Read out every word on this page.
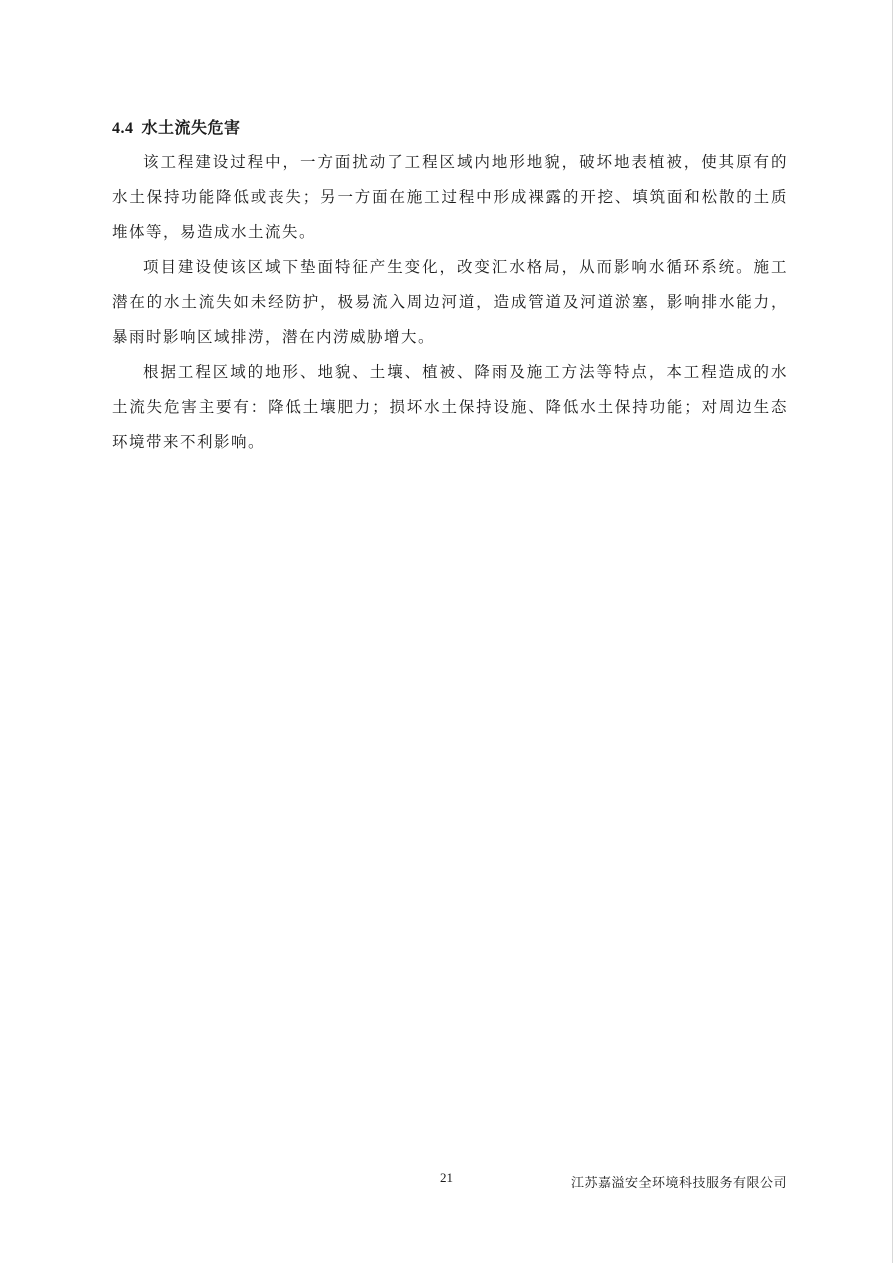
4.4 水土流失危害

该工程建设过程中，一方面扰动了工程区域内地形地貌，破坏地表植被，使其原有的水土保持功能降低或丧失；另一方面在施工过程中形成裸露的开挖、填筑面和松散的土质堆体等，易造成水土流失。

项目建设使该区域下垫面特征产生变化，改变汇水格局，从而影响水循环系统。施工潜在的水土流失如未经防护，极易流入周边河道，造成管道及河道淤塞，影响排水能力，暴雨时影响区域排涝，潜在内涝威胁增大。

根据工程区域的地形、地貌、土壤、植被、降雨及施工方法等特点，本工程造成的水土流失危害主要有：降低土壤肥力；损坏水土保持设施、降低水土保持功能；对周边生态环境带来不利影响。

21	江苏嘉溢安全环境科技服务有限公司
